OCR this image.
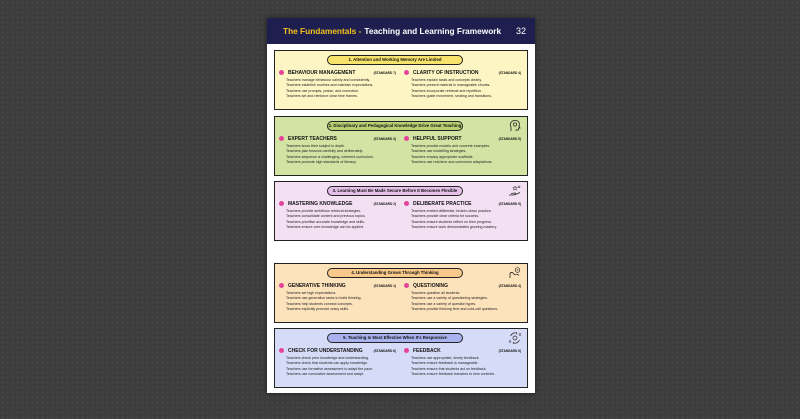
The Fundamentals - Teaching and Learning Framework 32
1. Attention and Working Memory Are Limited
BEHAVIOUR MANAGEMENT	(STANDARD 7)
• Teachers manage behaviour calmly and consistently.
• Teachers establish routines and maintain expectations.
• Teachers use prompts, praise, and correction.
• Teachers set and reinforce clear time frames.
CLARITY OF INSTRUCTION	(STANDARD 4)
• Teachers explain tasks and concepts clearly.
• Teachers present material in manageable chunks.
• Teachers incorporate retrieval and repetition.
• Teachers guide movement, seating and transitions.
2. Disciplinary and Pedagogical Knowledge Drive Great Teaching
EXPERT TEACHERS	(STANDARD 3)
• Teachers know their subject in depth.
• Teachers plan lessons carefully and deliberately.
• Teachers sequence a challenging, coherent curriculum.
• Teachers promote high standards of literacy.
HELPFUL SUPPORT	(STANDARD 5)
• Teachers provide models and concrete examples.
• Teachers use modelling strategies.
• Teachers employ appropriate scaffolds.
• Teachers use real-time and curriculum adaptations.
3. Learning Must Be Made Secure Before It Becomes Flexible
MASTERING KNOWLEDGE	(STANDARD 2)
• Teachers provide ambitious retrieval strategies.
• Teachers consolidate content and previous topics.
• Teachers prioritise accurate knowledge and skills.
• Teachers ensure core knowledge can be applied.
DELIBERATE PRACTICE	(STANDARD 5)
• Teachers embed deliberate, broken-down practice.
• Teachers provide clear criteria for success.
• Teachers ensure students reflect on their progress.
• Teachers ensure work demonstrates growing mastery.
4. Understanding Grows Through Thinking
GENERATIVE THINKING	(STANDARD 1)
• Teachers set high expectations.
• Teachers use generative tasks to build thinking.
• Teachers help students connect concepts.
• Teachers explicitly promote oracy skills.
QUESTIONING	(STANDARD 4)
• Teachers question all students.
• Teachers use a variety of questioning strategies.
• Teachers use a variety of question types.
• Teachers provide thinking time and cold-call questions.
5. Teaching Is Most Effective When It's Responsive
CHECK FOR UNDERSTANDING	(STANDARD 6)
• Teachers check prior knowledge and understanding.
• Teachers check that students can apply knowledge.
• Teachers use formative assessment to adapt the pace.
• Teachers use cumulative assessment and adapt.
FEEDBACK	(STANDARD 6)
• Teachers use appropriate, timely feedback.
• Teachers ensure feedback is manageable.
• Teachers ensure that students act on feedback.
• Teachers ensure feedback transfers to new contexts.
